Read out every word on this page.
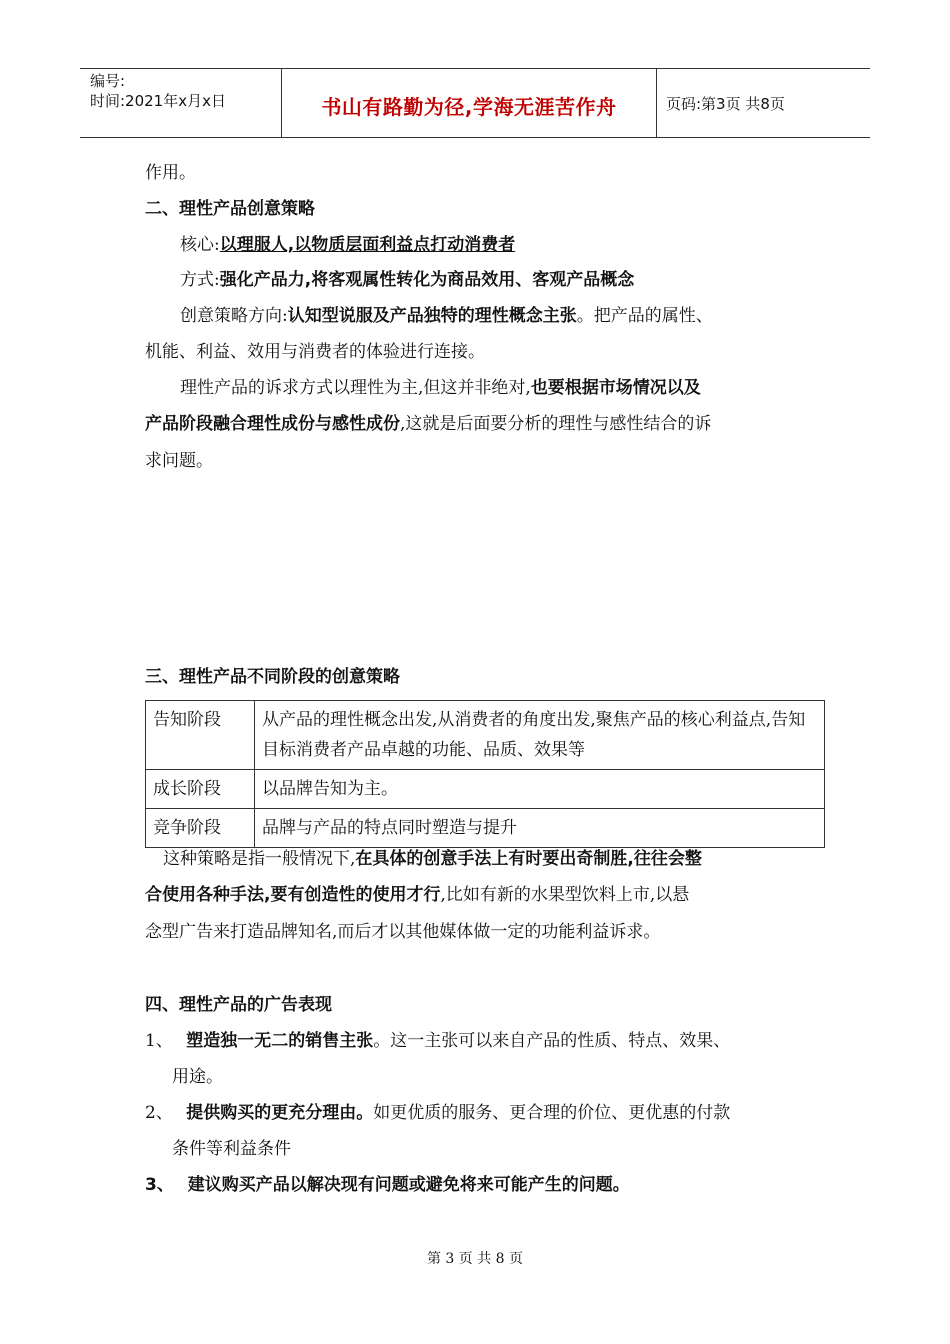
编号:
时间:2021年x月x日	书山有路勤为径,学海无涯苦作舟	页码:第3页 共8页
作用。
二、理性产品创意策略
核心:以理服人,以物质层面利益点打动消费者
方式:强化产品力,将客观属性转化为商品效用、客观产品概念
创意策略方向:认知型说服及产品独特的理性概念主张。把产品的属性、
机能、利益、效用与消费者的体验进行连接。
理性产品的诉求方式以理性为主,但这并非绝对,也要根据市场情况以及
产品阶段融合理性成份与感性成份,这就是后面要分析的理性与感性结合的诉
求问题。
三、理性产品不同阶段的创意策略
告知阶段	从产品的理性概念出发,从消费者的角度出发,聚焦产品的核心利益点,告知目标消费者产品卓越的功能、品质、效果等
成长阶段	以品牌告知为主。
竞争阶段	品牌与产品的特点同时塑造与提升
这种策略是指一般情况下,在具体的创意手法上有时要出奇制胜,往往会整
合使用各种手法,要有创造性的使用才行,比如有新的水果型饮料上市,以悬
念型广告来打造品牌知名,而后才以其他媒体做一定的功能利益诉求。
四、理性产品的广告表现
1、 塑造独一无二的销售主张。这一主张可以来自产品的性质、特点、效果、
用途。
2、 提供购买的更充分理由。如更优质的服务、更合理的价位、更优惠的付款
条件等利益条件
3、 建议购买产品以解决现有问题或避免将来可能产生的问题。
第 3 页 共 8 页
